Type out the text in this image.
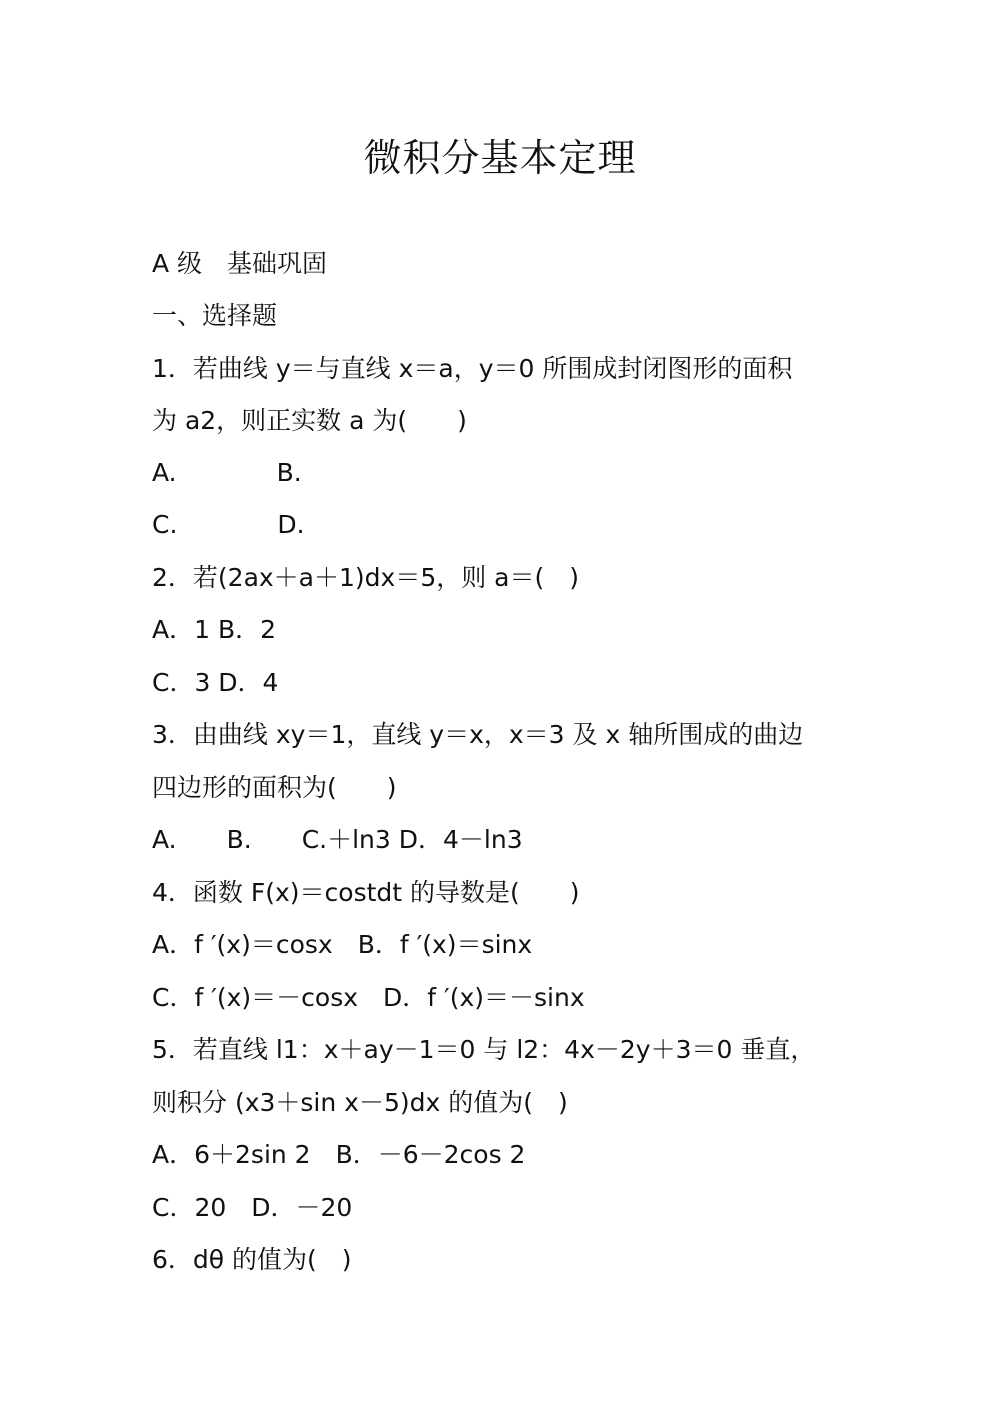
微积分基本定理
A 级　基础巩固
一、选择题
1．若曲线 y＝与直线 x＝a，y＝0 所围成封闭图形的面积
为 a2，则正实数 a 为(　　)
A.　　　　B.
C.　　　　D.
2．若(2ax＋a＋1)dx＝5，则 a＝(　)
A．1 B．2
C．3 D．4
3．由曲线 xy＝1，直线 y＝x，x＝3 及 x 轴所围成的曲边
四边形的面积为(　　)
A.　　B.　　C.＋ln3 D．4－ln3
4．函数 F(x)＝costdt 的导数是(　　)
A．f ′(x)＝cosx　B．f ′(x)＝sinx
C．f ′(x)＝－cosx　D．f ′(x)＝－sinx
5．若直线 l1：x＋ay－1＝0 与 l2：4x－2y＋3＝0 垂直，
则积分 (x3＋sin x－5)dx 的值为(　)
A．6＋2sin 2　B．－6－2cos 2
C．20　D．－20
6．dθ 的值为(　)
